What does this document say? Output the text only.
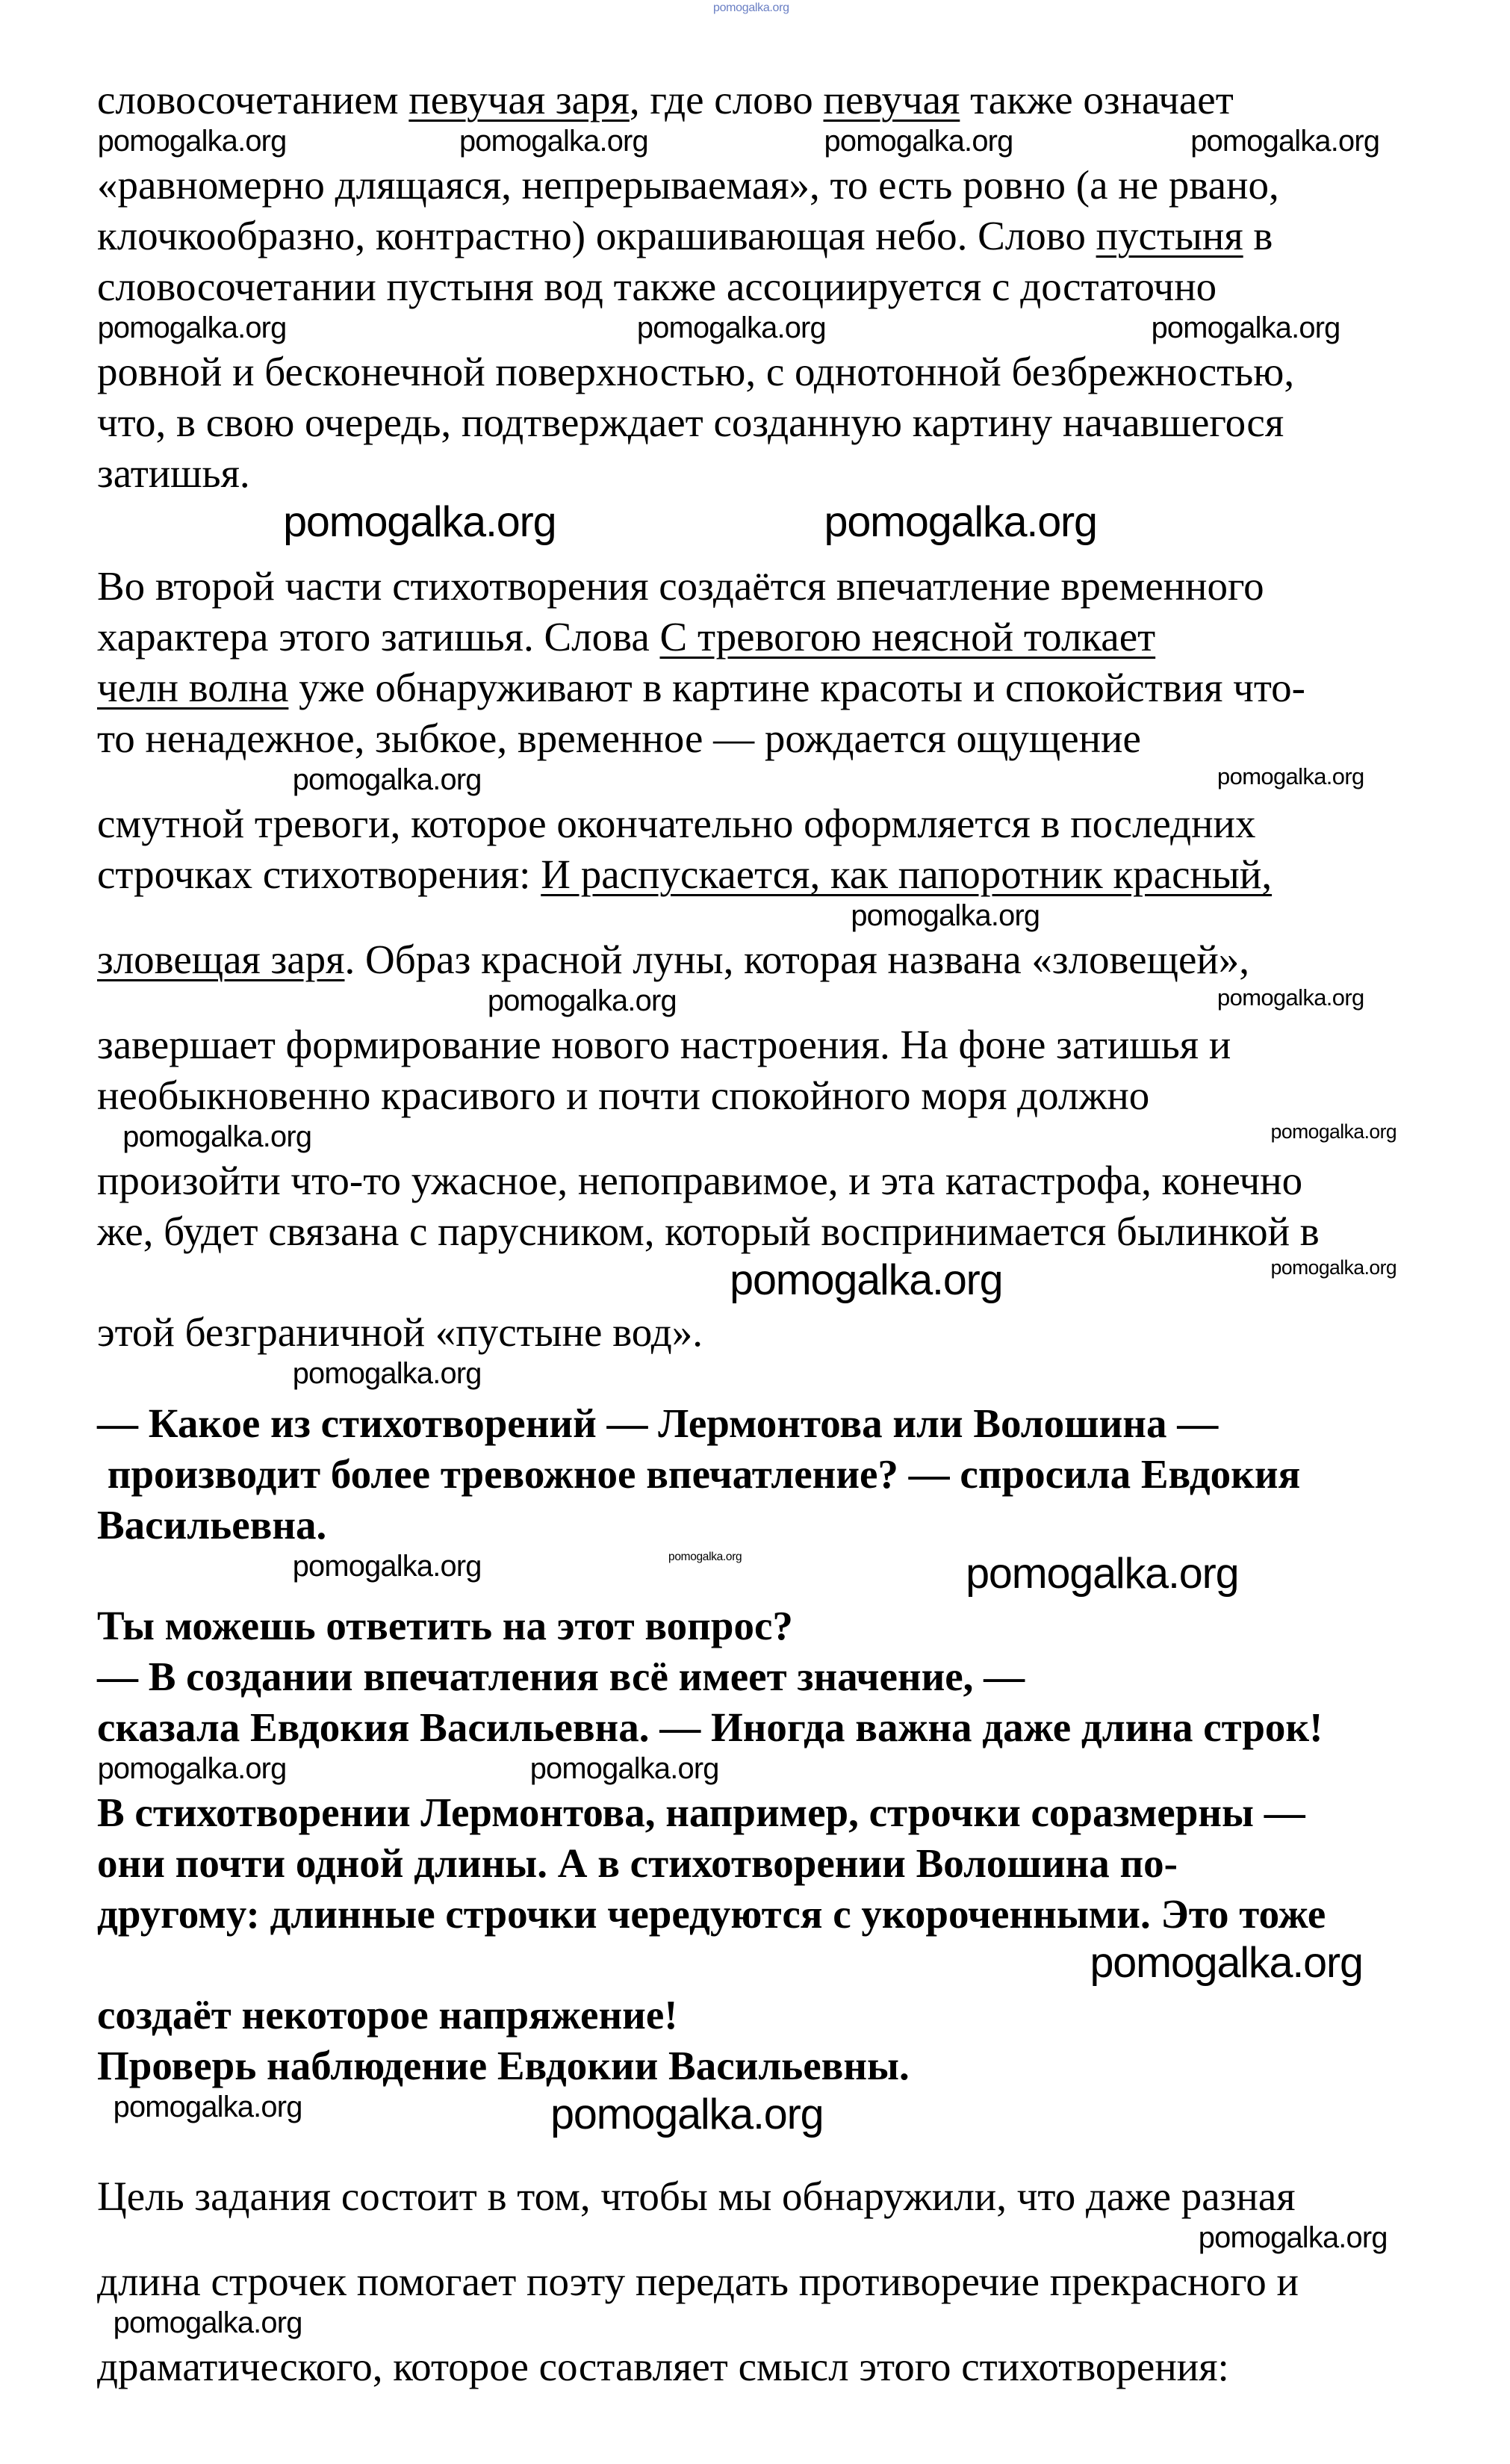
pomogalka.org
словосочетанием певучая заря, где слово певучая также означает
pomogalka.org	pomogalka.org	pomogalka.org	pomogalka.org
«равномерно длящаяся, непрерываемая», то есть ровно (а не рвано,
клочкообразно, контрастно) окрашивающая небо. Слово пустыня в
словосочетании пустыня вод также ассоциируется с достаточно
pomogalka.org	pomogalka.org	pomogalka.org
ровной и бесконечной поверхностью, с однотонной безбрежностью,
что, в свою очередь, подтверждает созданную картину начавшегося
затишья.
pomogalka.org	pomogalka.org
Во второй части стихотворения создаётся впечатление временного
характера этого затишья. Слова С тревогою неясной толкает
челн волна уже обнаруживают в картине красоты и спокойствия что-
то ненадежное, зыбкое, временное — рождается ощущение
pomogalka.org	pomogalka.org
смутной тревоги, которое окончательно оформляется в последних
строчках стихотворения: И распускается, как папоротник красный,
pomogalka.org
зловещая заря. Образ красной луны, которая названа «зловещей»,
pomogalka.org	pomogalka.org
завершает формирование нового настроения. На фоне затишья и
необыкновенно красивого и почти спокойного моря должно
pomogalka.org	pomogalka.org
произойти что-то ужасное, непоправимое, и эта катастрофа, конечно
же, будет связана с парусником, который воспринимается былинкой в
pomogalka.org
pomogalka.org
этой безграничной «пустыне вод».
pomogalka.org
— Какое из стихотворений — Лермонтова или Волошина —
производит более тревожное впечатление? — спросила Евдокия
Васильевна.
pomogalka.org	pomogalka.org	pomogalka.org
Ты можешь ответить на этот вопрос?
— В создании впечатления всё имеет значение, —
сказала Евдокия Васильевна. — Иногда важна даже длина строк!
pomogalka.org	pomogalka.org
В стихотворении Лермонтова, например, строчки соразмерны —
они почти одной длины. А в стихотворении Волошина по-
другому: длинные строчки чередуются с укороченными. Это тоже
pomogalka.org
создаёт некоторое напряжение!
Проверь наблюдение Евдокии Васильевны.
pomogalka.org	pomogalka.org
Цель задания состоит в том, чтобы мы обнаружили, что даже разная
pomogalka.org
длина строчек помогает поэту передать противоречие прекрасного и
pomogalka.org
драматического, которое составляет смысл этого стихотворения:
